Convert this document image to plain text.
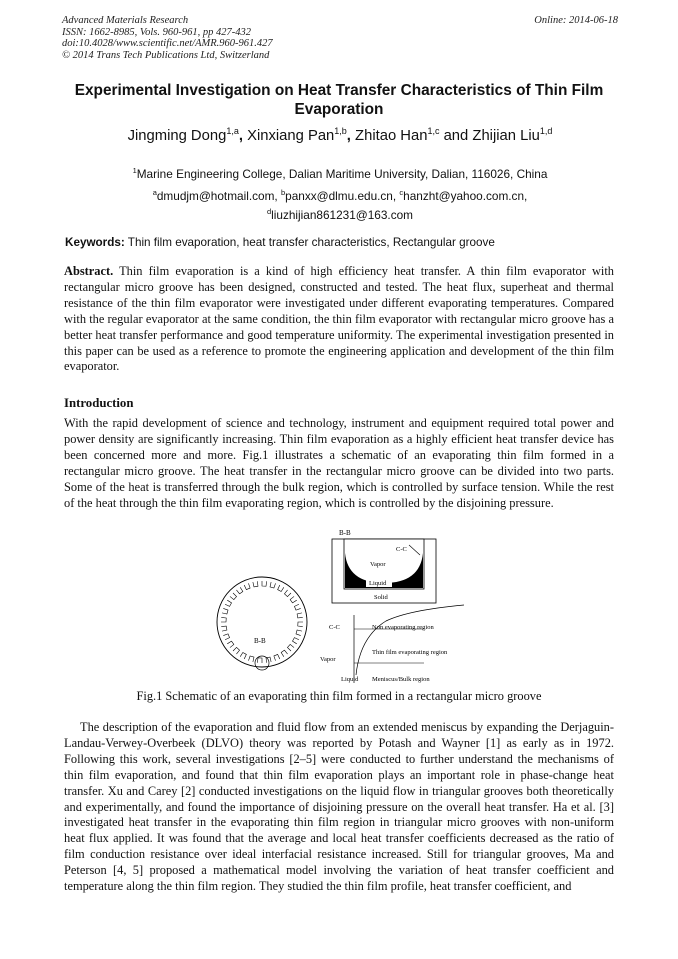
Advanced Materials Research
ISSN: 1662-8985, Vols. 960-961, pp 427-432
doi:10.4028/www.scientific.net/AMR.960-961.427
© 2014 Trans Tech Publications Ltd, Switzerland
Online: 2014-06-18
Experimental Investigation on Heat Transfer Characteristics of Thin Film Evaporation
Jingming Dong$^{1,a}$, Xinxiang Pan$^{1,b}$, Zhitao Han$^{1,c}$ and Zhijian Liu$^{1,d}$
$^1$Marine Engineering College, Dalian Maritime University, Dalian, 116026, China
$^a$dmudjm@hotmail.com, $^b$panxx@dlmu.edu.cn, $^c$hanzht@yahoo.com.cn,
$^d$liuzhijian861231@163.com
Keywords: Thin film evaporation, heat transfer characteristics, Rectangular groove
Abstract. Thin film evaporation is a kind of high efficiency heat transfer. A thin film evaporator with rectangular micro groove has been designed, constructed and tested. The heat flux, superheat and thermal resistance of the thin film evaporator were investigated under different evaporating temperatures. Compared with the regular evaporator at the same condition, the thin film evaporator with rectangular micro groove has a better heat transfer performance and good temperature uniformity. The experimental investigation presented in this paper can be used as a reference to promote the engineering application and development of the thin film evaporator.
Introduction
With the rapid development of science and technology, instrument and equipment required total power and power density are significantly increasing. Thin film evaporation as a highly efficient heat transfer device has been concerned more and more. Fig.1 illustrates a schematic of an evaporating thin film formed in a rectangular micro groove. The heat transfer in the rectangular micro groove can be divided into two parts. Some of the heat is transferred through the bulk region, which is controlled by surface tension. While the rest of the heat through the thin film evaporating region, which is controlled by the disjoining pressure.
B-B
C-C
Vapor
Liquid
Solid
B-B
C-C
Vapor
Liquid
Non evaporating region
Thin film evaporating region
Meniscus/Bulk region
Fig.1 Schematic of an evaporating thin film formed in a rectangular micro groove
The description of the evaporation and fluid flow from an extended meniscus by expanding the Derjaguin-Landau-Verwey-Overbeek (DLVO) theory was reported by Potash and Wayner [1] as early as in 1972. Following this work, several investigations [2–5] were conducted to further understand the mechanisms of thin film evaporation, and found that thin film evaporation plays an important role in phase-change heat transfer. Xu and Carey [2] conducted investigations on the liquid flow in triangular grooves both theoretically and experimentally, and found the importance of disjoining pressure on the overall heat transfer. Ha et al. [3] investigated heat transfer in the evaporating thin film region in triangular micro grooves with non-uniform heat flux applied. It was found that the average and local heat transfer coefficients decreased as the ratio of film conduction resistance over ideal interfacial resistance increased. Still for triangular grooves, Ma and Peterson [4, 5] proposed a mathematical model involving the variation of heat transfer coefficient and temperature along the thin film region. They studied the thin film profile, heat transfer coefficient, and
